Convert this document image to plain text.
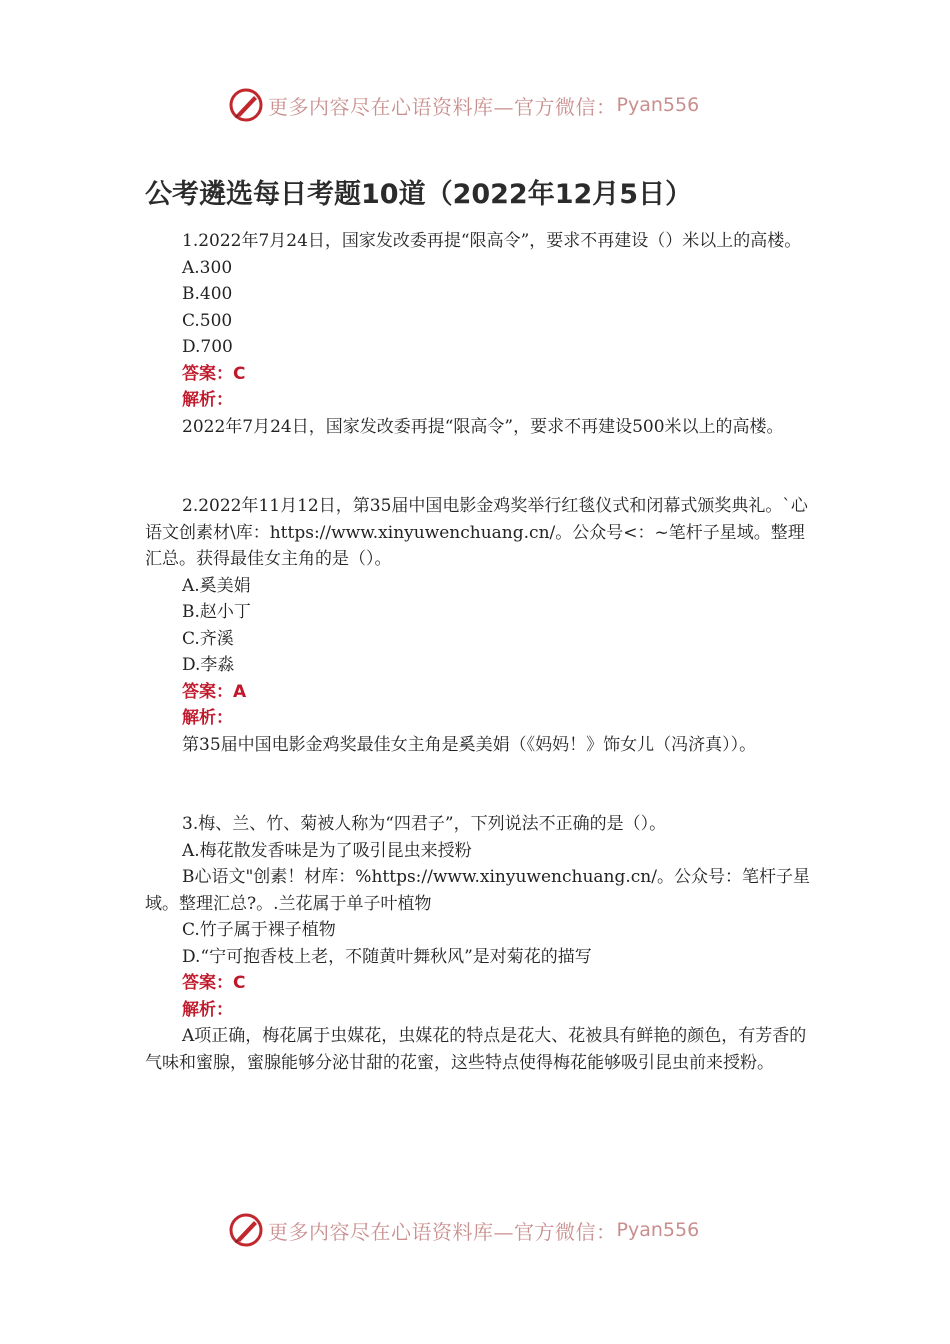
更多内容尽在心语资料库—官方微信： Pyan556
公考遴选每日考题10道（2022年12月5日）

1.2022年7月24日，国家发改委再提“限高令”，要求不再建设（）米以上的高楼。

A.300

B.400

C.500

D.700

答案：C

解析：

2022年7月24日，国家发改委再提“限高令”，要求不再建设500米以上的高楼。

2.2022年11月12日，第35届中国电影金鸡奖举行红毯仪式和闭幕式颁奖典礼。`心语文创素材\库：https://www.xinyuwenchuang.cn/。公众号<：~笔杆子星域。整理汇总。获得最佳女主角的是（）。

A.奚美娟

B.赵小丁

C.齐溪

D.李淼

答案：A

解析：

第35届中国电影金鸡奖最佳女主角是奚美娟（《妈妈！》饰女儿（冯济真））。

3.梅、兰、竹、菊被人称为“四君子”，下列说法不正确的是（）。

A.梅花散发香味是为了吸引昆虫来授粉

B心语文"创素！材库：%https://www.xinyuwenchuang.cn/。公众号：笔杆子星域。整理汇总?。.兰花属于单子叶植物

C.竹子属于裸子植物

D.“宁可抱香枝上老，不随黄叶舞秋风”是对菊花的描写

答案：C

解析：

A项正确，梅花属于虫媒花，虫媒花的特点是花大、花被具有鲜艳的颜色，有芳香的气味和蜜腺，蜜腺能够分泌甘甜的花蜜，这些特点使得梅花能够吸引昆虫前来授粉。

更多内容尽在心语资料库—官方微信： Pyan556
